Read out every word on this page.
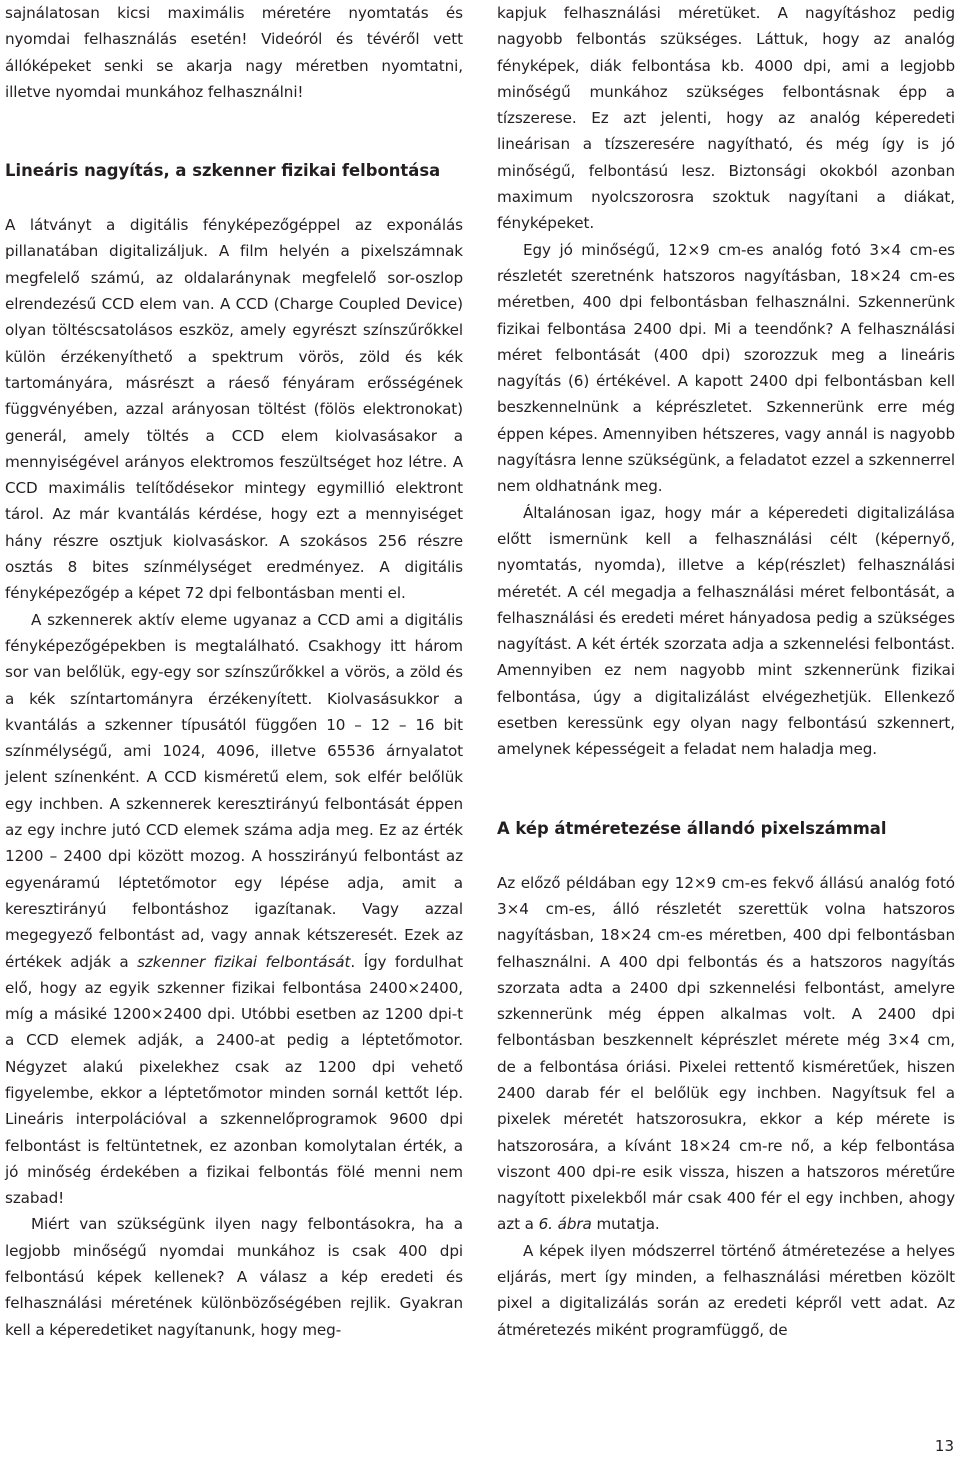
sajnálatosan kicsi maximális méretére nyomtatás és nyomdai felhasználás esetén! Videóról és tévéről vett állóképeket senki se akarja nagy méretben nyomtatni, illetve nyomdai munkához felhasználni!

Lineáris nagyítás, a szkenner fizikai felbontása

A látványt a digitális fényképezőgéppel az exponálás pillanatában digitalizáljuk. A film helyén a pixelszámnak megfelelő számú, az oldalaránynak megfelelő sor-oszlop elrendezésű CCD elem van. A CCD (Charge Coupled Device) olyan töltéscsatolásos eszköz, amely egyrészt színszűrőkkel külön érzékenyíthető a spektrum vörös, zöld és kék tartományára, másrészt a ráeső fényáram erősségének függvényében, azzal arányosan töltést (fölös elektronokat) generál, amely töltés a CCD elem kiolvasásakor a mennyiségével arányos elektromos feszültséget hoz létre. A CCD maximális telítődésekor mintegy egymillió elektront tárol. Az már kvantálás kérdése, hogy ezt a mennyiséget hány részre osztjuk kiolvasáskor. A szokásos 256 részre osztás 8 bites színmélységet eredményez. A digitális fényképezőgép a képet 72 dpi felbontásban menti el.

A szkennerek aktív eleme ugyanaz a CCD ami a digitális fényképezőgépekben is megtalálható. Csakhogy itt három sor van belőlük, egy-egy sor színszűrőkkel a vörös, a zöld és a kék színtartományra érzékenyített. Kiolvasásukkor a kvantálás a szkenner típusától függően 10 – 12 – 16 bit színmélységű, ami 1024, 4096, illetve 65536 árnyalatot jelent színenként. A CCD kisméretű elem, sok elfér belőlük egy inchben. A szkennerek keresztirányú felbontását éppen az egy inchre jutó CCD elemek száma adja meg. Ez az érték 1200 – 2400 dpi között mozog. A hosszirányú felbontást az egyenáramú léptetőmotor egy lépése adja, amit a keresztirányú felbontáshoz igazítanak. Vagy azzal megegyező felbontást ad, vagy annak kétszeresét. Ezek az értékek adják a szkenner fizikai felbontását. Így fordulhat elő, hogy az egyik szkenner fizikai felbontása 2400×2400, míg a másiké 1200×2400 dpi. Utóbbi esetben az 1200 dpi-t a CCD elemek adják, a 2400-at pedig a léptetőmotor. Négyzet alakú pixelekhez csak az 1200 dpi vehető figyelembe, ekkor a léptetőmotor minden sornál kettőt lép. Lineáris interpolációval a szkennelőprogramok 9600 dpi felbontást is feltüntetnek, ez azonban komolytalan érték, a jó minőség érdekében a fizikai felbontás fölé menni nem szabad!

Miért van szükségünk ilyen nagy felbontásokra, ha a legjobb minőségű nyomdai munkához is csak 400 dpi felbontású képek kellenek? A válasz a kép eredeti és felhasználási méretének különbözőségében rejlik. Gyakran kell a képeredetiket nagyítanunk, hogy meg-

kapjuk felhasználási méretüket. A nagyításhoz pedig nagyobb felbontás szükséges. Láttuk, hogy az analóg fényképek, diák felbontása kb. 4000 dpi, ami a legjobb minőségű munkához szükséges felbontásnak épp a tízszerese. Ez azt jelenti, hogy az analóg képeredeti lineárisan a tízszeresére nagyítható, és még így is jó minőségű, felbontású lesz. Biztonsági okokból azonban maximum nyolcszorosra szoktuk nagyítani a diákat, fényképeket.

Egy jó minőségű, 12×9 cm-es analóg fotó 3×4 cm-es részletét szeretnénk hatszoros nagyításban, 18×24 cm-es méretben, 400 dpi felbontásban felhasználni. Szkennerünk fizikai felbontása 2400 dpi. Mi a teendőnk? A felhasználási méret felbontását (400 dpi) szorozzuk meg a lineáris nagyítás (6) értékével. A kapott 2400 dpi felbontásban kell beszkennelnünk a képrészletet. Szkennerünk erre még éppen képes. Amennyiben hétszeres, vagy annál is nagyobb nagyításra lenne szükségünk, a feladatot ezzel a szkennerrel nem oldhatnánk meg.

Általánosan igaz, hogy már a képeredeti digitalizálása előtt ismernünk kell a felhasználási célt (képernyő, nyomtatás, nyomda), illetve a kép(részlet) felhasználási méretét. A cél megadja a felhasználási méret felbontását, a felhasználási és eredeti méret hányadosa pedig a szükséges nagyítást. A két érték szorzata adja a szkennelési felbontást. Amennyiben ez nem nagyobb mint szkennerünk fizikai felbontása, úgy a digitalizálást elvégezhetjük. Ellenkező esetben keressünk egy olyan nagy felbontású szkennert, amelynek képességeit a feladat nem haladja meg.

A kép átméretezése állandó pixelszámmal

Az előző példában egy 12×9 cm-es fekvő állású analóg fotó 3×4 cm-es, álló részletét szerettük volna hatszoros nagyításban, 18×24 cm-es méretben, 400 dpi felbontásban felhasználni. A 400 dpi felbontás és a hatszoros nagyítás szorzata adta a 2400 dpi szkennelési felbontást, amelyre szkennerünk még éppen alkalmas volt. A 2400 dpi felbontásban beszkennelt képrészlet mérete még 3×4 cm, de a felbontása óriási. Pixelei rettentő kisméretűek, hiszen 2400 darab fér el belőlük egy inchben. Nagyítsuk fel a pixelek méretét hatszorosukra, ekkor a kép mérete is hatszorosára, a kívánt 18×24 cm-re nő, a kép felbontása viszont 400 dpi-re esik vissza, hiszen a hatszoros méretűre nagyított pixelekből már csak 400 fér el egy inchben, ahogy azt a 6. ábra mutatja.

A képek ilyen módszerrel történő átméretezése a helyes eljárás, mert így minden, a felhasználási méretben közölt pixel a digitalizálás során az eredeti képről vett adat. Az átméretezés miként programfüggő, de

13
